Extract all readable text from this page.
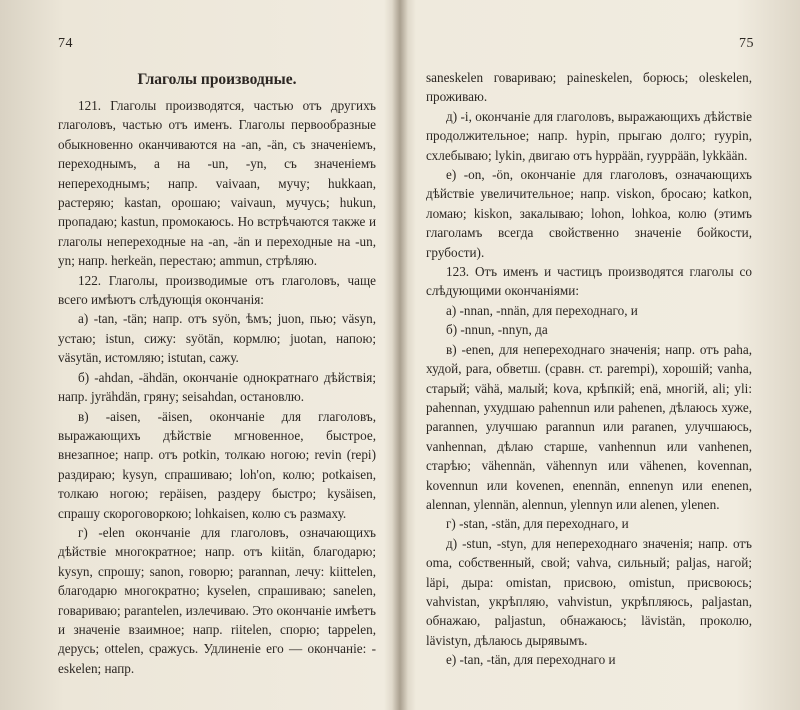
74
Глаголы производные.

121. Глаголы производятся, частью отъ другихъ глаголовъ, частью отъ именъ. Глаголы первообразные обыкновенно оканчиваются на -an, -än, съ значеніемъ, переходнымъ, а на -un, -yn, съ значеніемъ непереходнымъ; напр. vaivaan, мучу; hukkaan, растеряю; kastan, орошаю; vaivaun, мучусь; hukun, пропадаю; kastun, промокаюсь. Но встрѣчаются также и глаголы непереходные на -an, -än и переходные на -un, yn; напр. herkeän, перестаю; ammun, стрѣляю.

122. Глаголы, производимые отъ глаголовъ, чаще всего имѣютъ слѣдующія окончанія:

а) -tan, -tän; напр. отъ syön, ѣмъ; juon, пью; väsyn, устаю; istun, сижу: syötän, кормлю; juotan, напою; väsytän, истомляю; istutan, сажу.

б) -ahdan, -ähdän, окончаніе однократнаго дѣйствія; напр. jyrähdän, гряну; seisahdan, остановлю.

в) -aisen, -äisen, окончаніе для глаголовъ, выражающихъ дѣйствіе мгновенное, быстрое, внезапное; напр. отъ potkin, толкаю ногою; revin (repi) раздираю; kysyn, спрашиваю; loh'on, колю; potkaisen, толкаю ногою; repäisen, раздеру быстро; kysäisen, спрашу скороговоркою; lohkaisen, колю съ размаху.

г) -elen окончаніе для глаголовъ, означающихъ дѣйствіе многократное; напр. отъ kiitän, благодарю; kysyn, спрошу; sanon, говорю; parannan, лечу: kiittelen, благодарю многократно; kyselen, спрашиваю; sanelen, говариваю; parantelen, излечиваю. Это окончаніе имѣетъ и значеніе взаимное; напр. riitelen, спорю; tappelen, дерусь; ottelen, сражусь. Удлиненіе его — окончаніе: -eskelen; напр.

75

saneskelen говариваю; paineskelen, борюсь; oleskelen, проживаю.

д) -i, окончаніе для глаголовъ, выражающихъ дѣйствіе продолжительное; напр. hypin, прыгаю долго; ryypin, схлебываю; lykin, двигаю отъ hyppään, ryyppään, lykkään.

е) -on, -ön, окончаніе для глаголовъ, означающихъ дѣйствіе увеличительное; напр. viskon, бросаю; katkon, ломаю; kiskon, закалываю; lohon, lohkoa, колю (этимъ глаголамъ всегда свойственно значеніе бойкости, грубости).

123. Отъ именъ и частицъ производятся глаголы со слѣдующими окончаніями:

а) -nnan, -nnän, для переходнаго, и

б) -nnun, -nnyn, да

в) -enen, для непереходнаго значенія; напр. отъ paha, худой, para, обветш. (сравн. ст. parempi), хорошій; vanha, старый; vähä, малый; kova, крѣпкій; enä, многій, ali; yli: pahennan, ухудшаю pahennun или pahenen, дѣлаюсь хуже, parannen, улучшаю parannun или paranen, улучшаюсь, vanhennan, дѣлаю старше, vanhennun или vanhenen, старѣю; vähennän, vähennyn или vähenen, kovennan, kovennun или kovenen, enennän, ennenyn или enenen, alennan, ylennän, alennun, ylennyn или alenen, ylenen.

г) -stan, -stän, для переходнаго, и

д) -stun, -styn, для непереходнаго значенія; напр. отъ oma, собственный, свой; vahva, сильный; paljas, нагой; läpi, дыра: omistan, присвою, omistun, присвоюсь; vahvistan, укрѣпляю, vahvistun, укрѣпляюсь, paljastan, обнажаю, paljastun, обнажаюсь; lävistän, проколю, lävistyn, дѣлаюсь дырявымъ.

е) -tan, -tän, для переходнаго и
